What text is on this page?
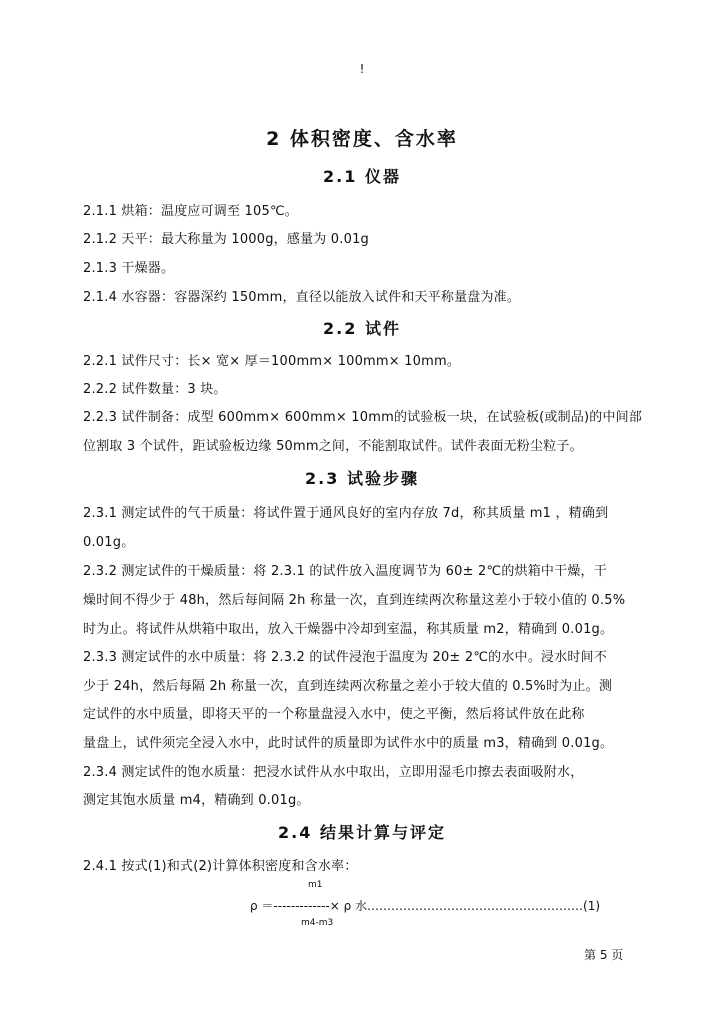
!
2 体积密度、含水率
2.1 仪器
2.1.1 烘箱：温度应可调至 105℃。
2.1.2 天平：最大称量为 1000g，感量为 0.01g
2.1.3 干燥器。
2.1.4 水容器：容器深约 150mm，直径以能放入试件和天平称量盘为准。
2.2 试件
2.2.1 试件尺寸：长× 宽× 厚＝100mm× 100mm× 10mm。
2.2.2 试件数量：3 块。
2.2.3 试件制备：成型 600mm× 600mm× 10mm的试验板一块，在试验板(或制品)的中间部
位割取 3 个试件，距试验板边缘 50mm之间，不能割取试件。试件表面无粉尘粒子。
2.3 试验步骤
2.3.1 测定试件的气干质量：将试件置于通风良好的室内存放 7d，称其质量 m1 ，精确到
0.01g。
2.3.2 测定试件的干燥质量：将 2.3.1 的试件放入温度调节为 60± 2℃的烘箱中干燥，干
燥时间不得少于 48h，然后每间隔 2h 称量一次，直到连续两次称量这差小于较小值的 0.5%
时为止。将试件从烘箱中取出，放入干燥器中冷却到室温，称其质量 m2，精确到 0.01g。
2.3.3 测定试件的水中质量：将 2.3.2 的试件浸泡于温度为 20± 2℃的水中。浸水时间不
少于 24h，然后每隔 2h 称量一次，直到连续两次称量之差小于较大值的 0.5%时为止。测
定试件的水中质量，即将天平的一个称量盘浸入水中，使之平衡，然后将试件放在此称
量盘上，试件须完全浸入水中，此时试件的质量即为试件水中的质量 m3，精确到 0.01g。
2.3.4 测定试件的饱水质量：把浸水试件从水中取出，立即用湿毛巾擦去表面吸附水，
测定其饱水质量 m4，精确到 0.01g。
2.4 结果计算与评定
2.4.1 按式(1)和式(2)计算体积密度和含水率：
m1
ρ ＝-------------× ρ 水………………………………………………(1)
m4-m3
第 5 页
